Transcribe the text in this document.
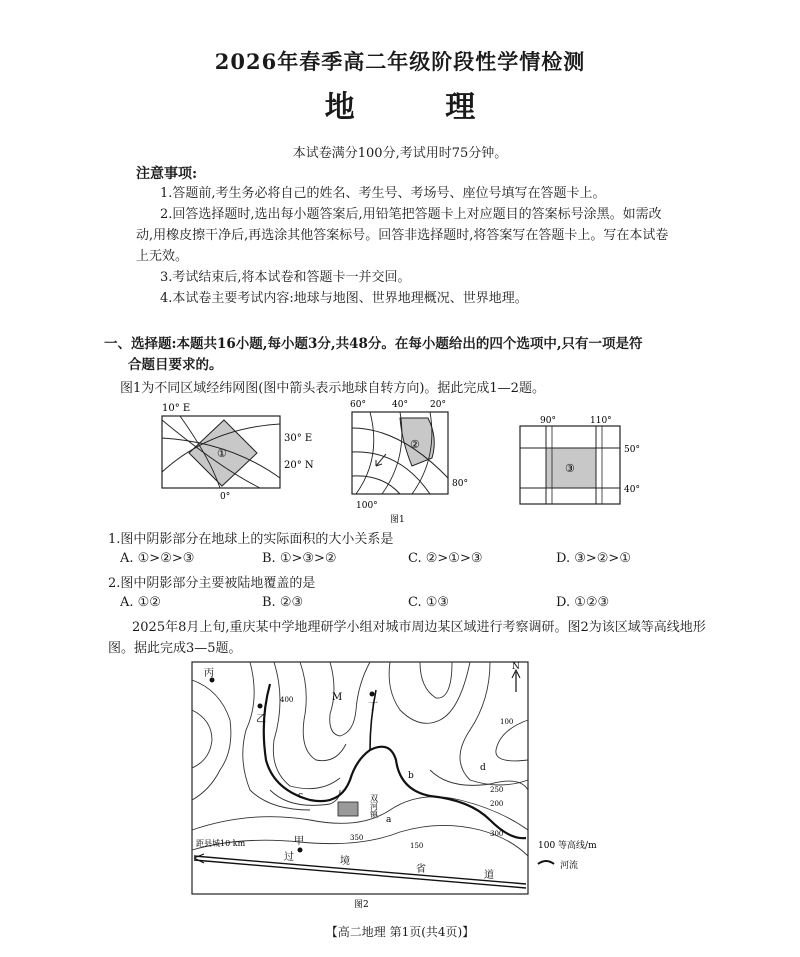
2026年春季高二年级阶段性学情检测
地 理
本试卷满分100分,考试用时75分钟。
注意事项:
1.答题前,考生务必将自己的姓名、考生号、考场号、座位号填写在答题卡上。
2.回答选择题时,选出每小题答案后,用铅笔把答题卡上对应题目的答案标号涂黑。如需改动,用橡皮擦干净后,再选涂其他答案标号。回答非选择题时,将答案写在答题卡上。写在本试卷上无效。
3.考试结束后,将本试卷和答题卡一并交回。
4.本试卷主要考试内容:地球与地图、世界地理概况、世界地理。
一、选择题:本题共16小题,每小题3分,共48分。在每小题给出的四个选项中,只有一项是符
合题目要求的。
图1为不同区域经纬网图(图中箭头表示地球自转方向)。据此完成1—2题。
10° E
30° E
20° N
0°
①
60°	40° 20°
80°
100°
②
90°	110°
50°
40°
③
图1
1.图中阴影部分在地球上的实际面积的大小关系是
A. ①>②>③	B. ①>③>②	C. ②>①>③	D. ③>②>①
2.图中阴影部分主要被陆地覆盖的是
A. ①②	B. ②③	C. ①③	D. ①②③
2025年8月上旬,重庆某中学地理研学小组对城市周边某区域进行考察调研。图2为该区域等高线地形图。据此完成3—5题。
丙
乙
丁
甲
M
双河镇
a
b
c
d
过	境
省
道
距县城10 km
100
150
200
250
300
350
400
N
100 等高线/m
河流
图2
【高二地理 第1页(共4页)】
